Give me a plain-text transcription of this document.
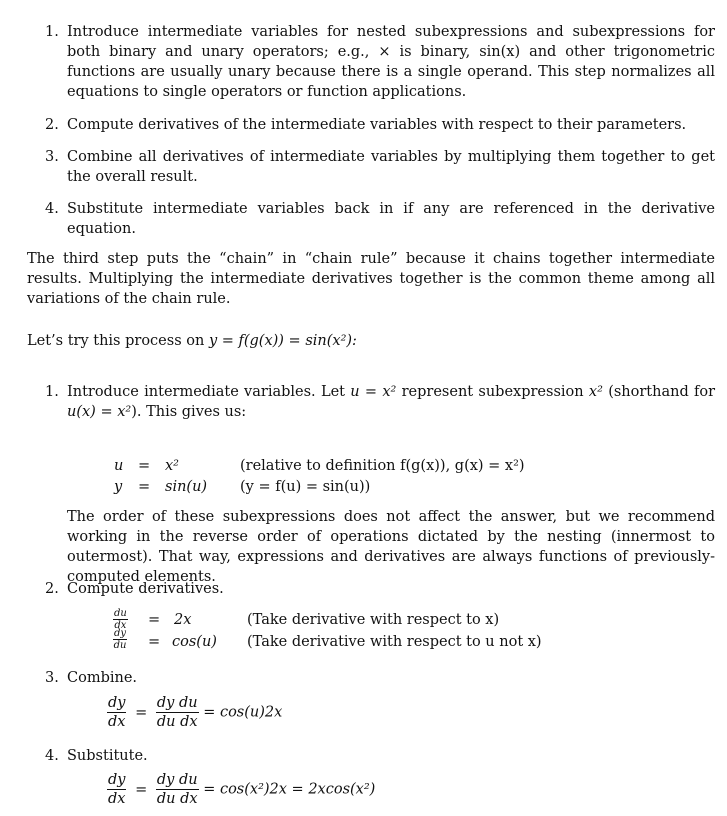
1. Introduce intermediate variables for nested subexpressions and subexpressions for both binary and unary operators; e.g., × is binary, sin(x) and other trigonometric functions are usually unary because there is a single operand. This step normalizes all equations to single operators or function applications.
2. Compute derivatives of the intermediate variables with respect to their parameters.
3. Combine all derivatives of intermediate variables by multiplying them together to get the overall result.
4. Substitute intermediate variables back in if any are referenced in the derivative equation.
The third step puts the “chain” in “chain rule” because it chains together intermediate results. Multiplying the intermediate derivatives together is the common theme among all variations of the chain rule.
Let’s try this process on y = f(g(x)) = sin(x²):
1. Introduce intermediate variables. Let u = x² represent subexpression x² (shorthand for u(x) = x²). This gives us:
u = x²	(relative to definition f(g(x)), g(x) = x²)
y = sin(u) (y = f(u) = sin(u))
The order of these subexpressions does not affect the answer, but we recommend working in the reverse order of operations dictated by the nesting (innermost to outermost). That way, expressions and derivatives are always functions of previously-computed elements.
2. Compute derivatives.
$\frac{du}{dx} = 2x$	(Take derivative with respect to x)
$\frac{dy}{du} = \cos(u)$ (Take derivative with respect to u not x)
3. Combine.
$\frac{dy}{dx} = \frac{\text{dy du}}{\text{du dx}} = \cos(u)2x$
4. Substitute.
$\frac{dy}{dx} = \frac{\text{dy du}}{\text{du dx}} = \cos(x^2)2x = 2xcos(x^2)$
